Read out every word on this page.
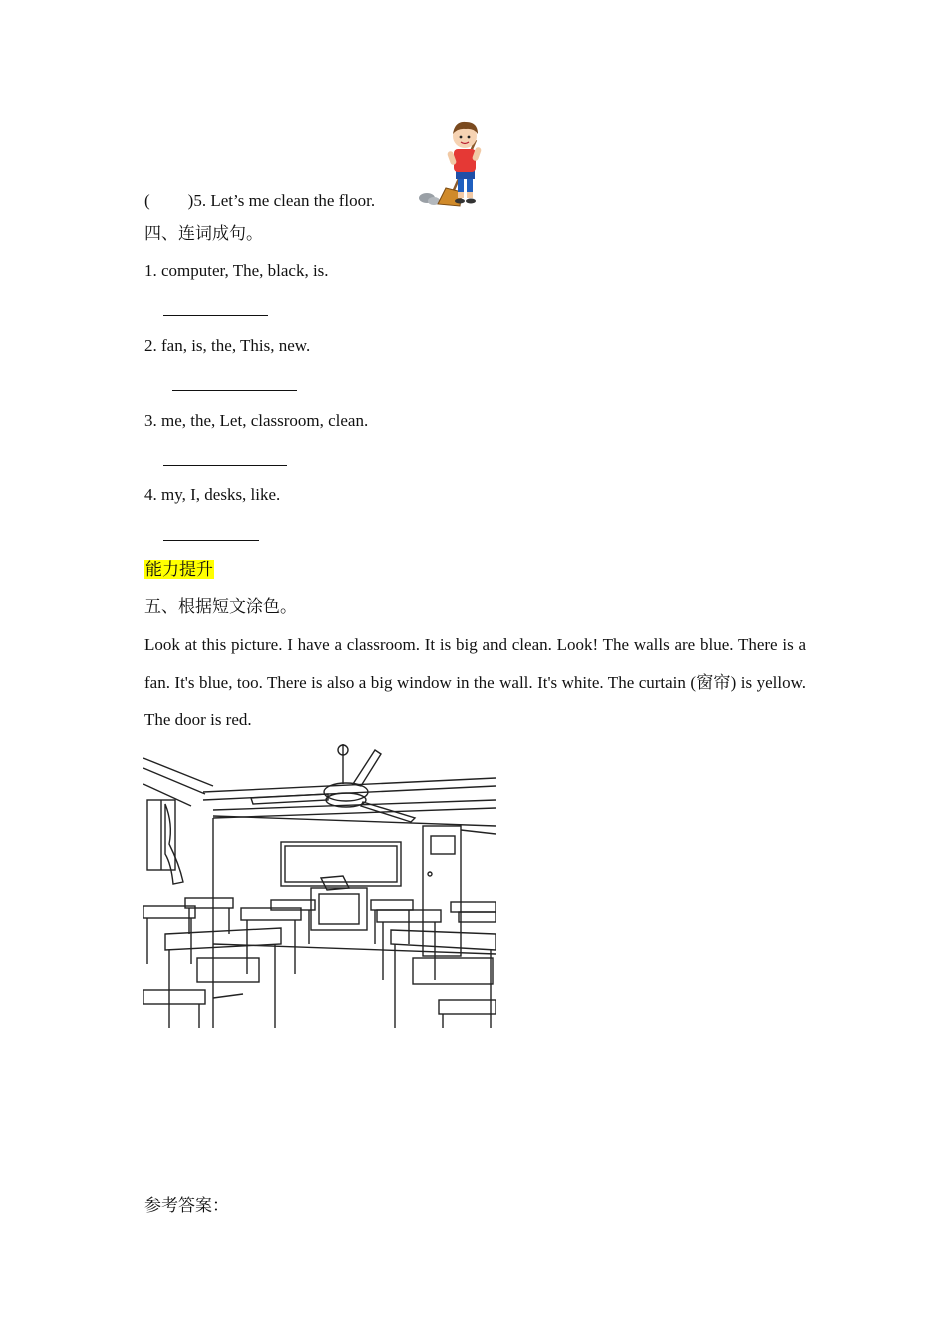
( )5. Let’s me clean the floor.
四、连词成句。
1. computer, The, black, is.
2. fan, is, the, This, new.
3. me, the, Let, classroom, clean.
4. my, I, desks, like.
能力提升
五、根据短文涂色。
Look at this picture. I have a classroom. It is big and clean. Look! The walls are blue. There is a fan. It's blue, too. There is also a big window in the wall. It's white. The curtain (窗帘) is yellow. The door is red.
参考答案：
